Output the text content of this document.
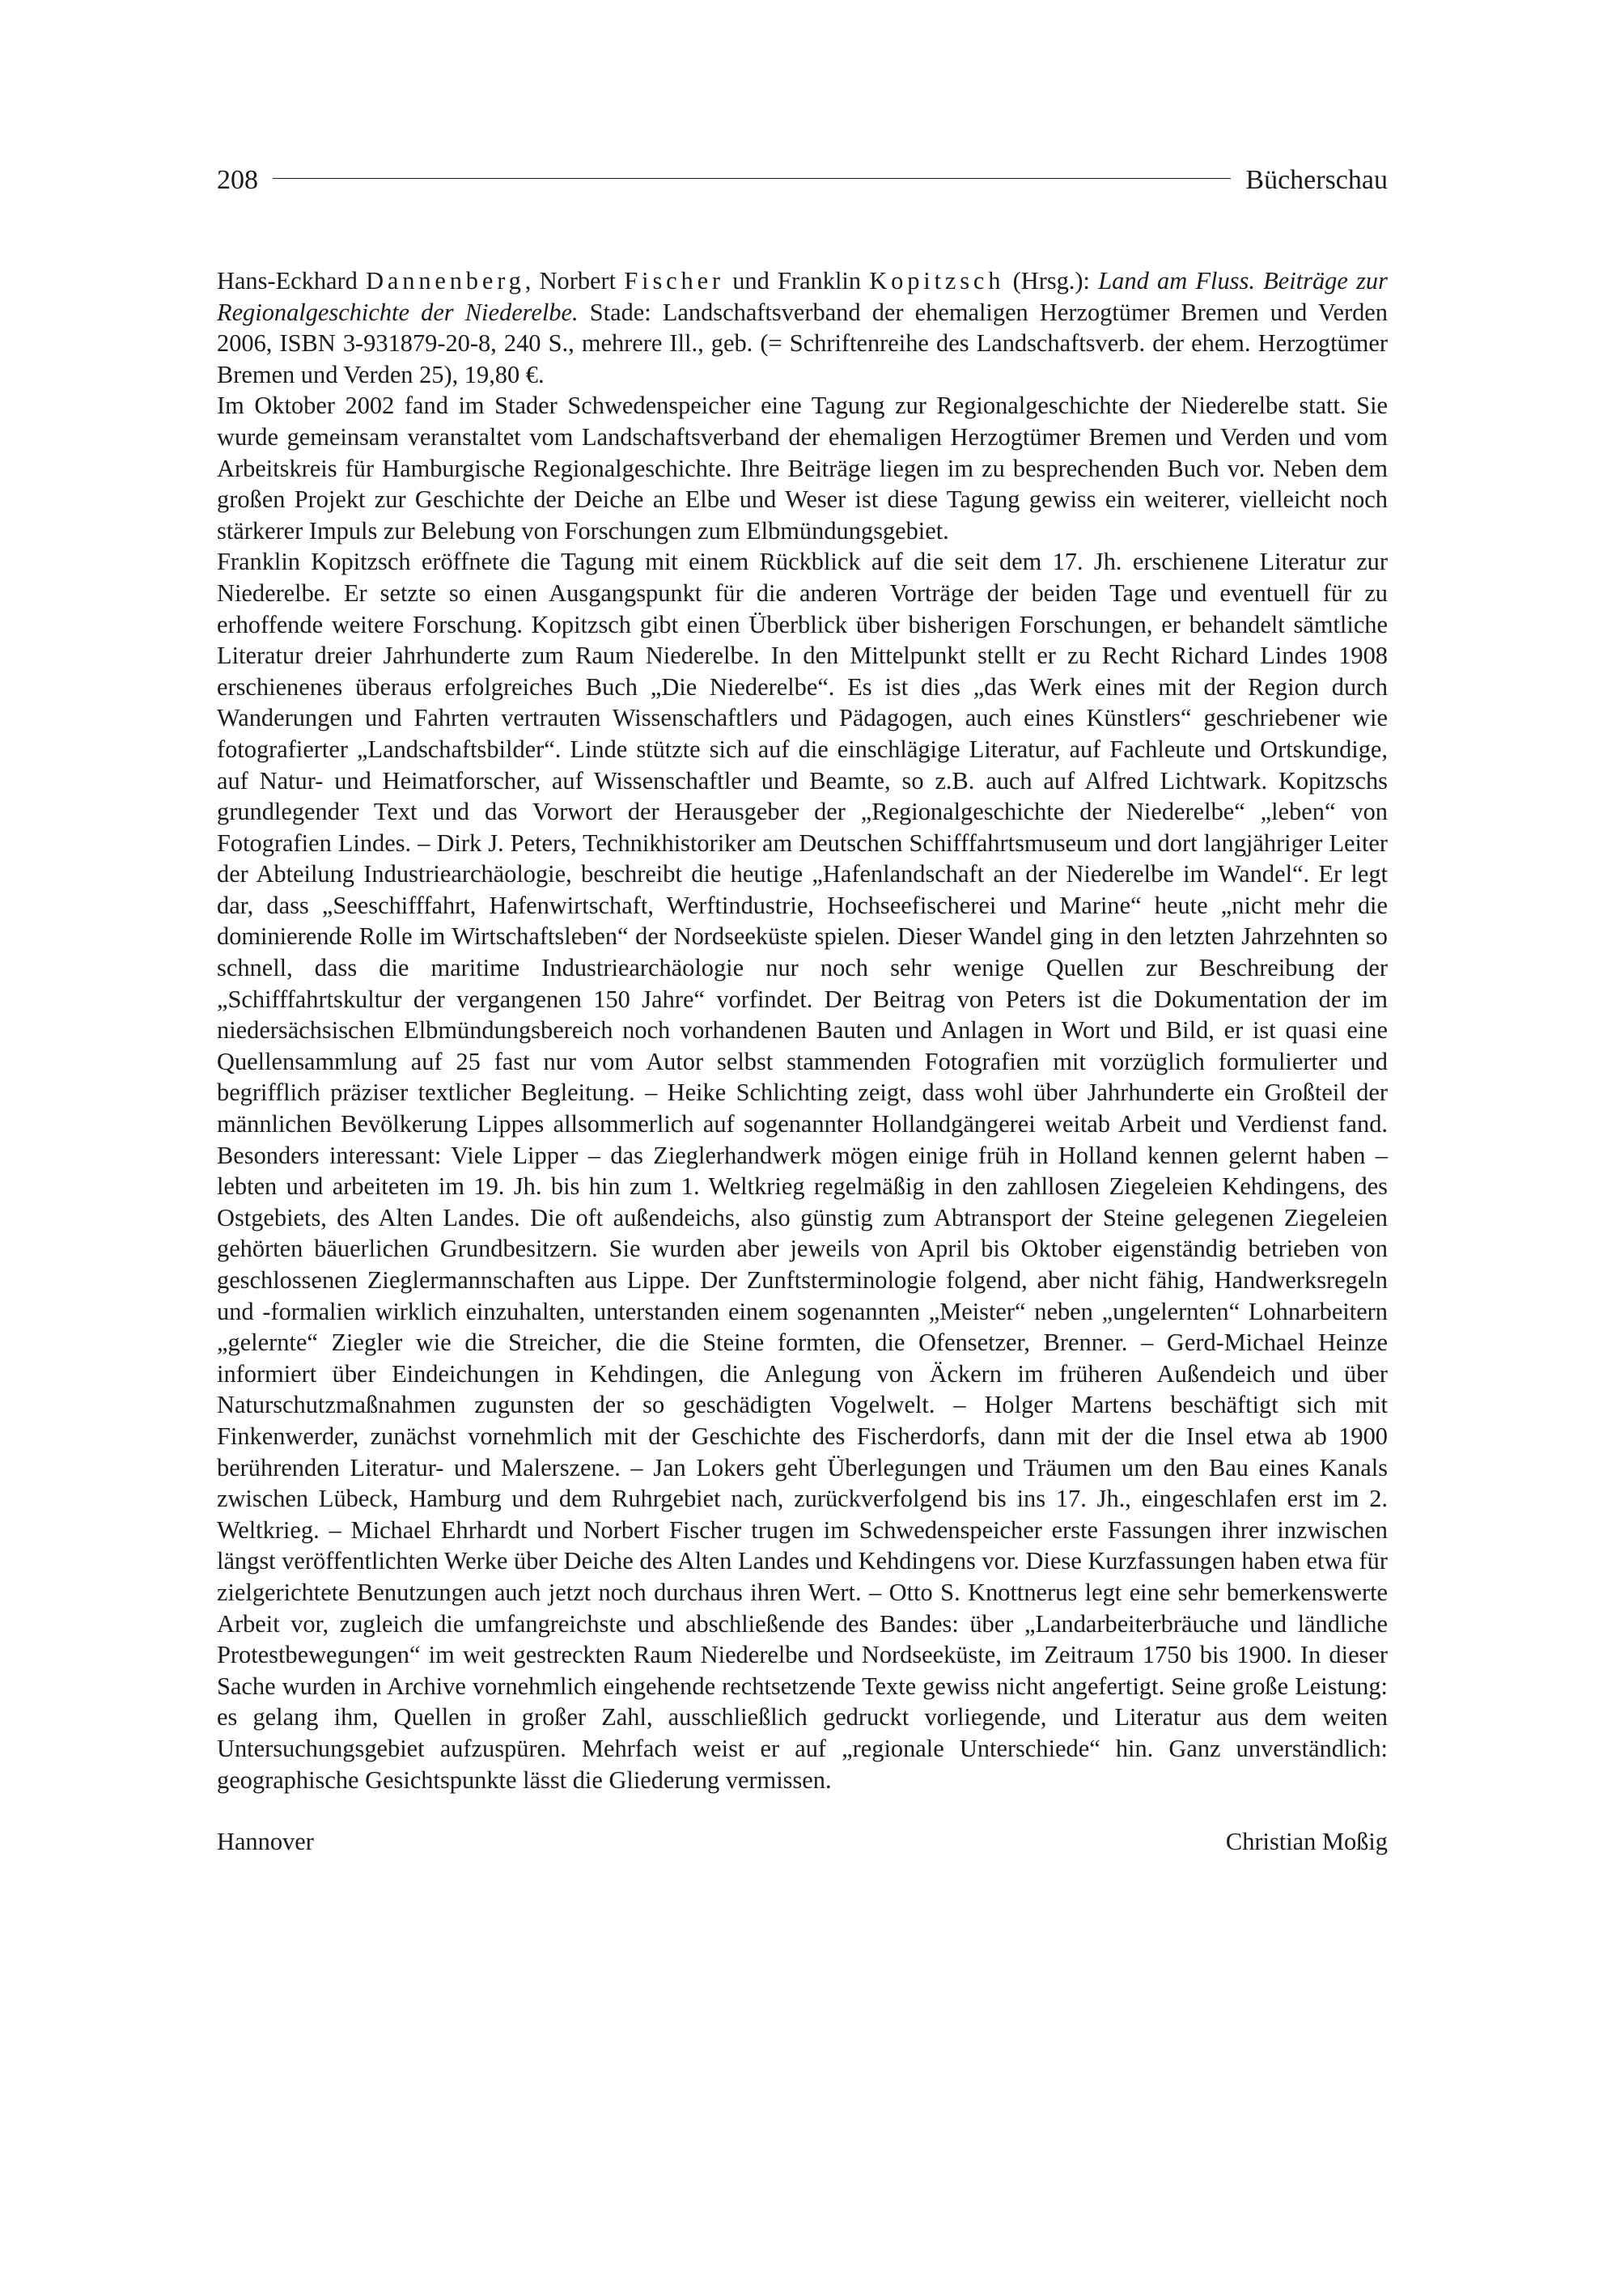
208	Bücherschau

Hans-Eckhard Dannenberg, Norbert Fischer und Franklin Kopitzsch (Hrsg.): Land am Fluss. Beiträge zur Regionalgeschichte der Niederelbe. Stade: Landschaftsverband der ehemaligen Herzogtümer Bremen und Verden 2006, ISBN 3-931879-20-8, 240 S., mehrere Ill., geb. (= Schriftenreihe des Landschaftsverb. der ehem. Herzogtümer Bremen und Verden 25), 19,80 €.

Im Oktober 2002 fand im Stader Schwedenspeicher eine Tagung zur Regionalgeschichte der Niederelbe statt. Sie wurde gemeinsam veranstaltet vom Landschaftsverband der ehemaligen Herzogtümer Bremen und Verden und vom Arbeitskreis für Hamburgische Regionalgeschichte. Ihre Beiträge liegen im zu besprechenden Buch vor. Neben dem großen Projekt zur Geschichte der Deiche an Elbe und Weser ist diese Tagung gewiss ein weiterer, vielleicht noch stärkerer Impuls zur Belebung von Forschungen zum Elbmündungsgebiet.

Franklin Kopitzsch eröffnete die Tagung mit einem Rückblick auf die seit dem 17. Jh. erschienene Literatur zur Niederelbe. Er setzte so einen Ausgangspunkt für die anderen Vorträge der beiden Tage und eventuell für zu erhoffende weitere Forschung. Kopitzsch gibt einen Überblick über bisherigen Forschungen, er behandelt sämtliche Literatur dreier Jahrhunderte zum Raum Niederelbe. In den Mittelpunkt stellt er zu Recht Richard Lindes 1908 erschienenes überaus erfolgreiches Buch „Die Niederelbe“. Es ist dies „das Werk eines mit der Region durch Wanderungen und Fahrten vertrauten Wissenschaftlers und Pädagogen, auch eines Künstlers“ geschriebener wie fotografierter „Landschaftsbilder“. Linde stützte sich auf die einschlägige Literatur, auf Fachleute und Ortskundige, auf Natur- und Heimatforscher, auf Wissenschaftler und Beamte, so z.B. auch auf Alfred Lichtwark. Kopitzschs grundlegender Text und das Vorwort der Herausgeber der „Regionalgeschichte der Niederelbe“ „leben“ von Fotografien Lindes. – Dirk J. Peters, Technikhistoriker am Deutschen Schifffahrtsmuseum und dort langjähriger Leiter der Abteilung Industriearchäologie, beschreibt die heutige „Hafenlandschaft an der Niederelbe im Wandel“. Er legt dar, dass „Seeschifffahrt, Hafenwirtschaft, Werftindustrie, Hochseefischerei und Marine“ heute „nicht mehr die dominierende Rolle im Wirtschaftsleben“ der Nordseeküste spielen. Dieser Wandel ging in den letzten Jahrzehnten so schnell, dass die maritime Industriearchäologie nur noch sehr wenige Quellen zur Beschreibung der „Schifffahrtskultur der vergangenen 150 Jahre“ vorfindet. Der Beitrag von Peters ist die Dokumentation der im niedersächsischen Elbmündungsbereich noch vorhandenen Bauten und Anlagen in Wort und Bild, er ist quasi eine Quellensammlung auf 25 fast nur vom Autor selbst stammenden Fotografien mit vorzüglich formulierter und begrifflich präziser textlicher Begleitung. – Heike Schlichting zeigt, dass wohl über Jahrhunderte ein Großteil der männlichen Bevölkerung Lippes allsommerlich auf sogenannter Hollandgängerei weitab Arbeit und Verdienst fand. Besonders interessant: Viele Lipper – das Zieglerhandwerk mögen einige früh in Holland kennen gelernt haben – lebten und arbeiteten im 19. Jh. bis hin zum 1. Weltkrieg regelmäßig in den zahllosen Ziegeleien Kehdingens, des Ostgebiets, des Alten Landes. Die oft außendeichs, also günstig zum Abtransport der Steine gelegenen Ziegeleien gehörten bäuerlichen Grundbesitzern. Sie wurden aber jeweils von April bis Oktober eigenständig betrieben von geschlossenen Zieglermannschaften aus Lippe. Der Zunftsterminologie folgend, aber nicht fähig, Handwerksregeln und -formalien wirklich einzuhalten, unterstanden einem sogenannten „Meister“ neben „ungelernten“ Lohnarbeitern „gelernte“ Ziegler wie die Streicher, die die Steine formten, die Ofensetzer, Brenner. – Gerd-Michael Heinze informiert über Eindeichungen in Kehdingen, die Anlegung von Äckern im früheren Außendeich und über Naturschutzmaßnahmen zugunsten der so geschädigten Vogelwelt. – Holger Martens beschäftigt sich mit Finkenwerder, zunächst vornehmlich mit der Geschichte des Fischerdorfs, dann mit der die Insel etwa ab 1900 berührenden Literatur- und Malerszene. – Jan Lokers geht Überlegungen und Träumen um den Bau eines Kanals zwischen Lübeck, Hamburg und dem Ruhrgebiet nach, zurückverfolgend bis ins 17. Jh., eingeschlafen erst im 2. Weltkrieg. – Michael Ehrhardt und Norbert Fischer trugen im Schwedenspeicher erste Fassungen ihrer inzwischen längst veröffentlichten Werke über Deiche des Alten Landes und Kehdingens vor. Diese Kurzfassungen haben etwa für zielgerichtete Benutzungen auch jetzt noch durchaus ihren Wert. – Otto S. Knottnerus legt eine sehr bemerkenswerte Arbeit vor, zugleich die umfangreichste und abschließende des Bandes: über „Landarbeiterbräuche und ländliche Protestbewegungen“ im weit gestreckten Raum Niederelbe und Nordseeküste, im Zeitraum 1750 bis 1900. In dieser Sache wurden in Archive vornehmlich eingehende rechtsetzende Texte gewiss nicht angefertigt. Seine große Leistung: es gelang ihm, Quellen in großer Zahl, ausschließlich gedruckt vorliegende, und Literatur aus dem weiten Untersuchungsgebiet aufzuspüren. Mehrfach weist er auf „regionale Unterschiede“ hin. Ganz unverständlich: geographische Gesichtspunkte lässt die Gliederung vermissen.

Hannover	Christian Moßig
